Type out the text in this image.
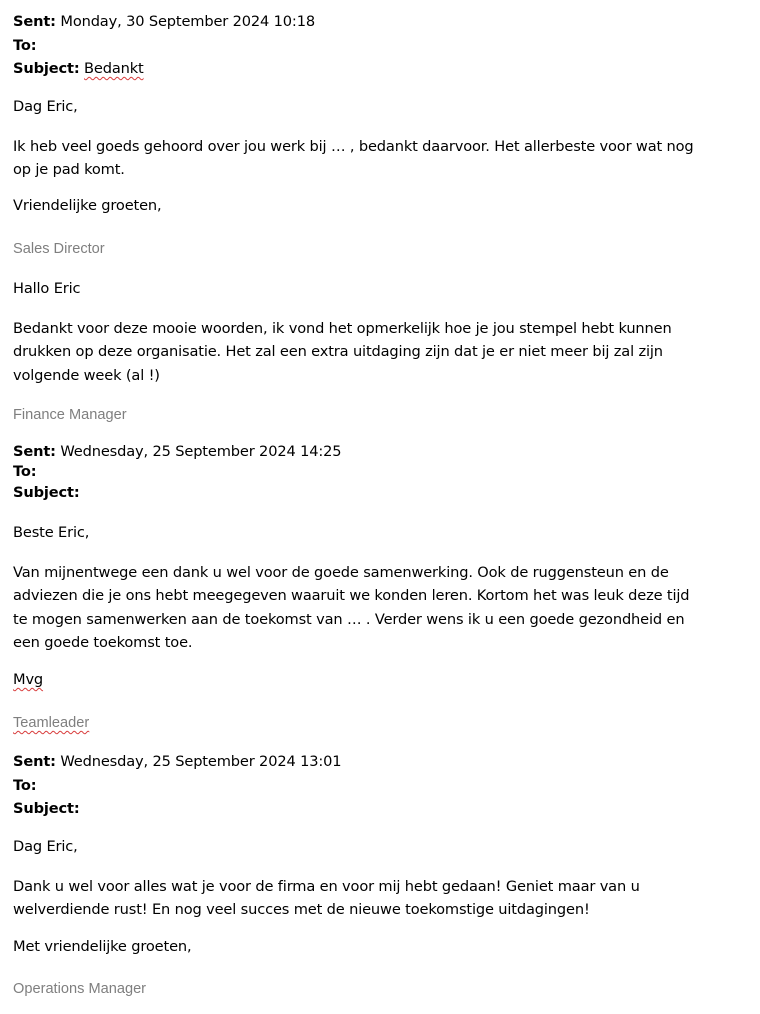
Sent: Monday, 30 September 2024 10:18
To:
Subject: Bedankt
Dag Eric,
Ik heb veel goeds gehoord over jou werk bij … , bedankt daarvoor. Het allerbeste voor wat nog op je pad komt.
Vriendelijke groeten,
Sales Director
Hallo Eric
Bedankt voor deze mooie woorden, ik vond het opmerkelijk hoe je jou stempel hebt kunnen drukken op deze organisatie. Het zal een extra uitdaging zijn dat je er niet meer bij zal zijn volgende week (al !)
Finance Manager
Sent: Wednesday, 25 September 2024 14:25
To:
Subject:
Beste Eric,
Van mijnentwege een dank u wel voor de goede samenwerking. Ook de ruggensteun en de adviezen die je ons hebt meegegeven waaruit we konden leren. Kortom het was leuk deze tijd te mogen samenwerken aan de toekomst van … . Verder wens ik u een goede gezondheid en een goede toekomst toe.
Mvg
Teamleader
Sent: Wednesday, 25 September 2024 13:01
To:
Subject:
Dag Eric,
Dank u wel voor alles wat je voor de firma en voor mij hebt gedaan! Geniet maar van u welverdiende rust! En nog veel succes met de nieuwe toekomstige uitdagingen!
Met vriendelijke groeten,
Operations Manager
